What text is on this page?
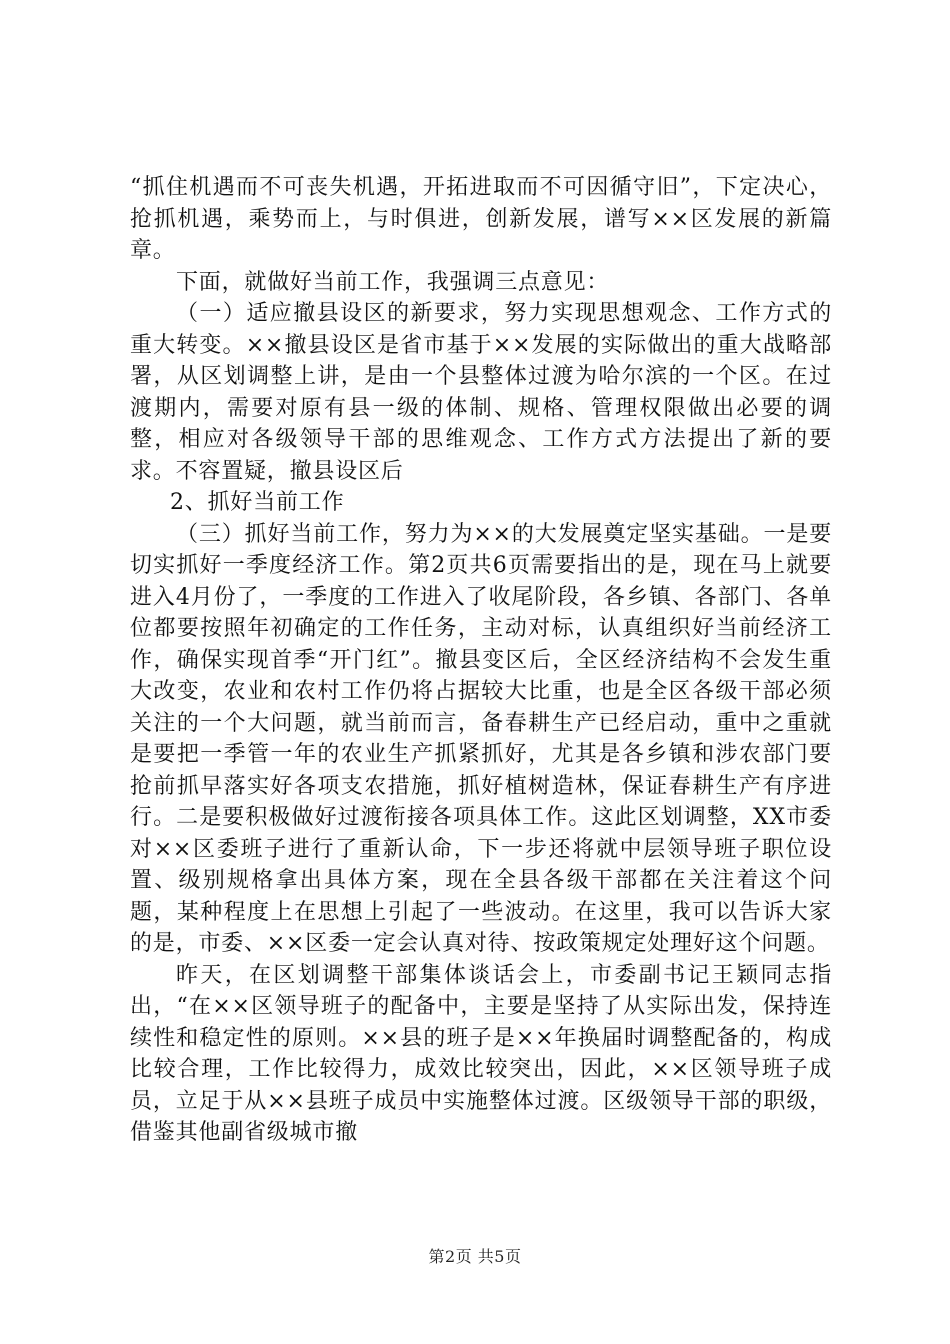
“抓住机遇而不可丧失机遇，开拓进取而不可因循守旧”，下定决心，抢抓机遇，乘势而上，与时俱进，创新发展，谱写××区发展的新篇章。

下面，就做好当前工作，我强调三点意见：

（一）适应撤县设区的新要求，努力实现思想观念、工作方式的重大转变。××撤县设区是省市基于××发展的实际做出的重大战略部署，从区划调整上讲，是由一个县整体过渡为哈尔滨的一个区。在过渡期内，需要对原有县一级的体制、规格、管理权限做出必要的调整，相应对各级领导干部的思维观念、工作方式方法提出了新的要求。不容置疑，撤县设区后

2、抓好当前工作

（三）抓好当前工作，努力为××的大发展奠定坚实基础。一是要切实抓好一季度经济工作。第2页共6页需要指出的是，现在马上就要进入4月份了，一季度的工作进入了收尾阶段，各乡镇、各部门、各单位都要按照年初确定的工作任务，主动对标，认真组织好当前经济工作，确保实现首季“开门红”。撤县变区后，全区经济结构不会发生重大改变，农业和农村工作仍将占据较大比重，也是全区各级干部必须关注的一个大问题，就当前而言，备春耕生产已经启动，重中之重就是要把一季管一年的农业生产抓紧抓好，尤其是各乡镇和涉农部门要抢前抓早落实好各项支农措施，抓好植树造林，保证春耕生产有序进行。二是要积极做好过渡衔接各项具体工作。这此区划调整，XX市委对××区委班子进行了重新认命，下一步还将就中层领导班子职位设置、级别规格拿出具体方案，现在全县各级干部都在关注着这个问题，某种程度上在思想上引起了一些波动。在这里，我可以告诉大家的是，市委、××区委一定会认真对待、按政策规定处理好这个问题。

昨天，在区划调整干部集体谈话会上，市委副书记王颖同志指出，“在××区领导班子的配备中，主要是坚持了从实际出发，保持连续性和稳定性的原则。××县的班子是××年换届时调整配备的，构成比较合理，工作比较得力，成效比较突出，因此，××区领导班子成员，立足于从××县班子成员中实施整体过渡。区级领导干部的职级，借鉴其他副省级城市撤

第2页 共5页
